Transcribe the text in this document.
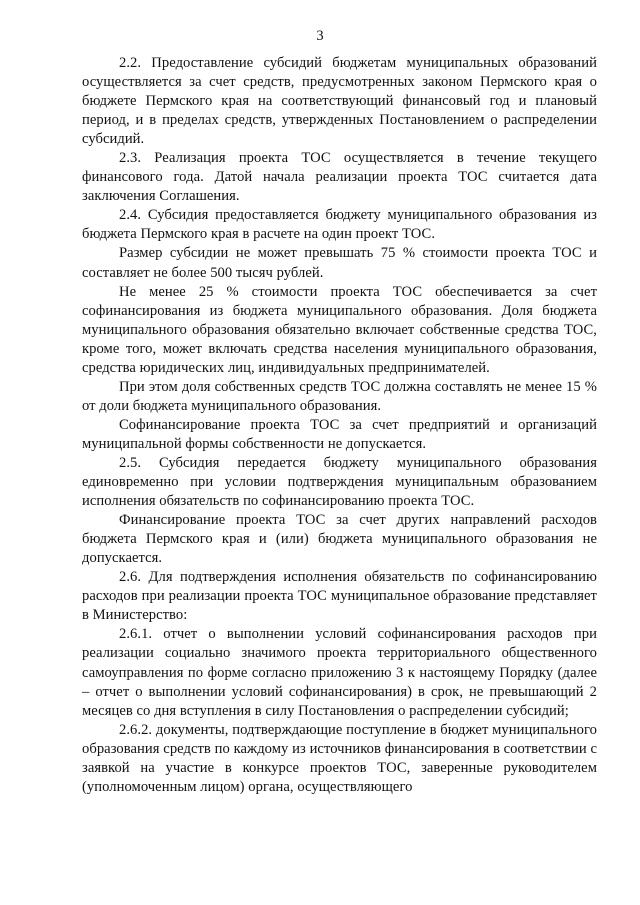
3

2.2. Предоставление субсидий бюджетам муниципальных образований осуществляется за счет средств, предусмотренных законом Пермского края о бюджете Пермского края на соответствующий финансовый год и плановый период, и в пределах средств, утвержденных Постановлением о распределении субсидий.

2.3. Реализация проекта ТОС осуществляется в течение текущего финансового года. Датой начала реализации проекта ТОС считается дата заключения Соглашения.

2.4. Субсидия предоставляется бюджету муниципального образования из бюджета Пермского края в расчете на один проект ТОС.

Размер субсидии не может превышать 75 % стоимости проекта ТОС и составляет не более 500 тысяч рублей.

Не менее 25 % стоимости проекта ТОС обеспечивается за счет софинансирования из бюджета муниципального образования. Доля бюджета муниципального образования обязательно включает собственные средства ТОС, кроме того, может включать средства населения муниципального образования, средства юридических лиц, индивидуальных предпринимателей.

При этом доля собственных средств ТОС должна составлять не менее 15 % от доли бюджета муниципального образования.

Софинансирование проекта ТОС за счет предприятий и организаций муниципальной формы собственности не допускается.

2.5. Субсидия передается бюджету муниципального образования единовременно при условии подтверждения муниципальным образованием исполнения обязательств по софинансированию проекта ТОС.

Финансирование проекта ТОС за счет других направлений расходов бюджета Пермского края и (или) бюджета муниципального образования не допускается.

2.6. Для подтверждения исполнения обязательств по софинансированию расходов при реализации проекта ТОС муниципальное образование представляет в Министерство:

2.6.1. отчет о выполнении условий софинансирования расходов при реализации социально значимого проекта территориального общественного самоуправления по форме согласно приложению 3 к настоящему Порядку (далее – отчет о выполнении условий софинансирования) в срок, не превышающий 2 месяцев со дня вступления в силу Постановления о распределении субсидий;

2.6.2. документы, подтверждающие поступление в бюджет муниципального образования средств по каждому из источников финансирования в соответствии с заявкой на участие в конкурсе проектов ТОС, заверенные руководителем (уполномоченным лицом) органа, осуществляющего
